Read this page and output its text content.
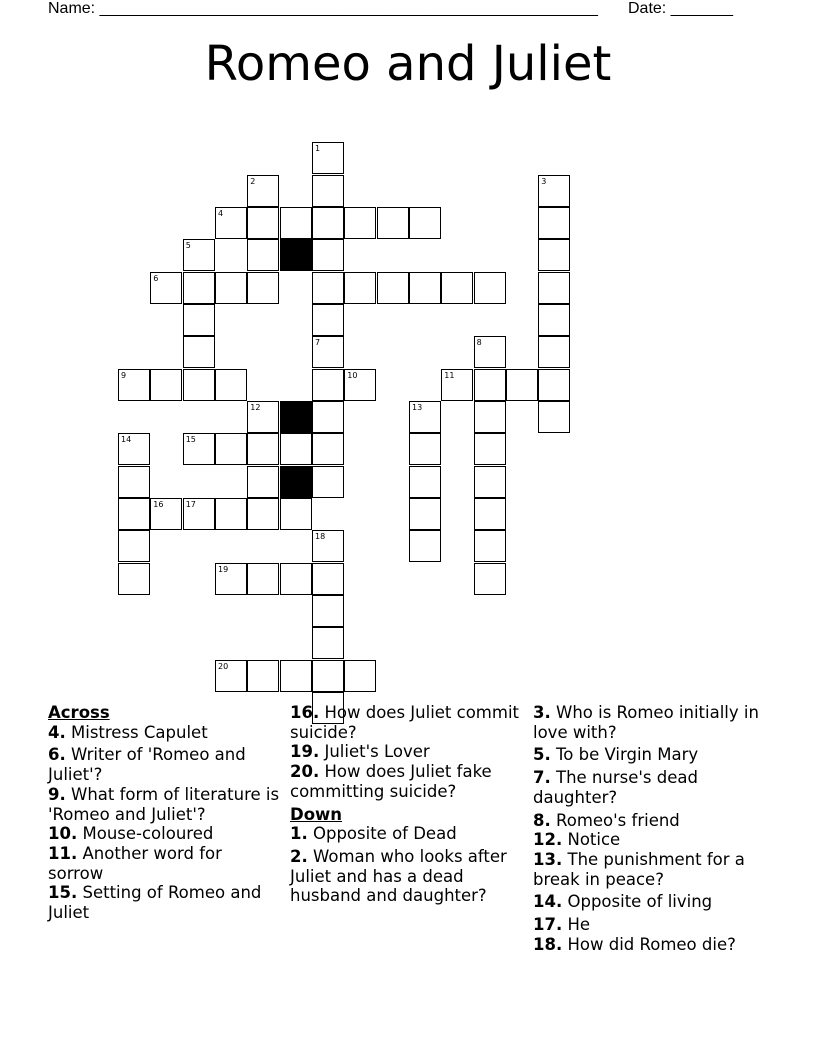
Name: ________________________________________________________ Date: _______
Romeo and Juliet
1
2
4
3
5
6
9
7	8
10	11
12	13
14	15
16	17
18
19
20

Across

4. Mistress Capulet

6. Writer of 'Romeo and Juliet'?

9. What form of literature is 'Romeo and Juliet'?

10. Mouse-coloured

11. Another word for sorrow

15. Setting of Romeo and Juliet

16. How does Juliet commit suicide?

19. Juliet's Lover

20. How does Juliet fake committing suicide?

Down

1. Opposite of Dead

2. Woman who looks after Juliet and has a dead husband and daughter?

3. Who is Romeo initially in love with?

5. To be Virgin Mary

7. The nurse's dead daughter?

8. Romeo's friend

12. Notice

13. The punishment for a break in peace?

14. Opposite of living

17. He

18. How did Romeo die?
